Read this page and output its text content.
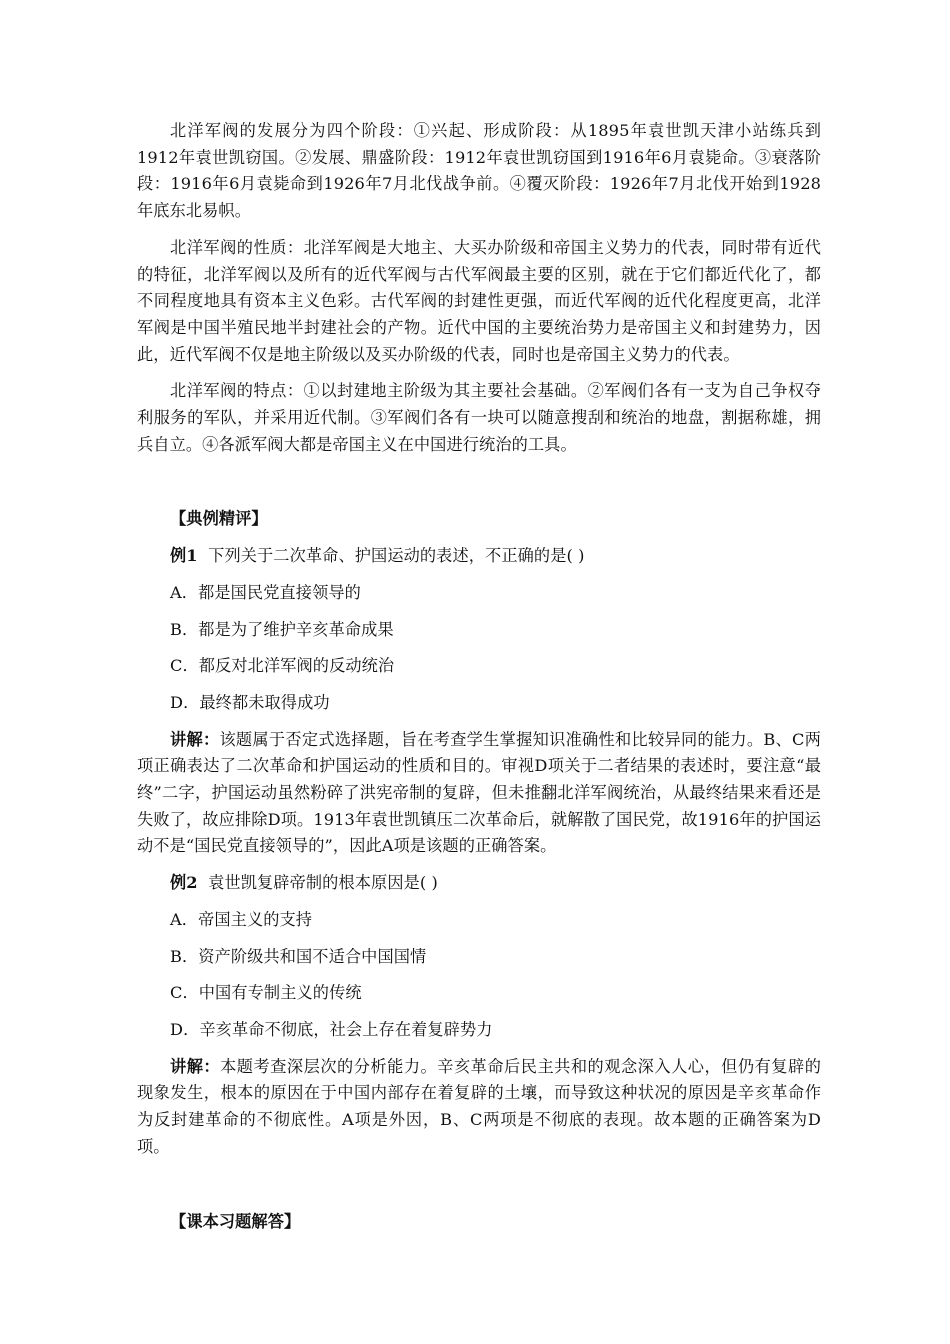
北洋军阀的发展分为四个阶段：①兴起、形成阶段：从1895年袁世凯天津小站练兵到1912年袁世凯窃国。②发展、鼎盛阶段：1912年袁世凯窃国到1916年6月袁毙命。③衰落阶段：1916年6月袁毙命到1926年7月北伐战争前。④覆灭阶段：1926年7月北伐开始到1928年底东北易帜。

北洋军阀的性质：北洋军阀是大地主、大买办阶级和帝国主义势力的代表，同时带有近代的特征，北洋军阀以及所有的近代军阀与古代军阀最主要的区别，就在于它们都近代化了，都不同程度地具有资本主义色彩。古代军阀的封建性更强，而近代军阀的近代化程度更高，北洋军阀是中国半殖民地半封建社会的产物。近代中国的主要统治势力是帝国主义和封建势力，因此，近代军阀不仅是地主阶级以及买办阶级的代表，同时也是帝国主义势力的代表。

北洋军阀的特点：①以封建地主阶级为其主要社会基础。②军阀们各有一支为自己争权夺利服务的军队，并采用近代制。③军阀们各有一块可以随意搜刮和统治的地盘，割据称雄，拥兵自立。④各派军阀大都是帝国主义在中国进行统治的工具。

【典例精评】

例1 下列关于二次革命、护国运动的表述，不正确的是( )

A．都是国民党直接领导的

B．都是为了维护辛亥革命成果

C．都反对北洋军阀的反动统治

D．最终都未取得成功

讲解：该题属于否定式选择题，旨在考查学生掌握知识准确性和比较异同的能力。B、C两项正确表达了二次革命和护国运动的性质和目的。审视D项关于二者结果的表述时，要注意“最终”二字，护国运动虽然粉碎了洪宪帝制的复辟，但未推翻北洋军阀统治，从最终结果来看还是失败了，故应排除D项。1913年袁世凯镇压二次革命后，就解散了国民党，故1916年的护国运动不是“国民党直接领导的”，因此A项是该题的正确答案。

例2 袁世凯复辟帝制的根本原因是( )

A．帝国主义的支持

B．资产阶级共和国不适合中国国情

C．中国有专制主义的传统

D．辛亥革命不彻底，社会上存在着复辟势力

讲解：本题考查深层次的分析能力。辛亥革命后民主共和的观念深入人心，但仍有复辟的现象发生，根本的原因在于中国内部存在着复辟的土壤，而导致这种状况的原因是辛亥革命作为反封建革命的不彻底性。A项是外因，B、C两项是不彻底的表现。故本题的正确答案为D项。

【课本习题解答】
